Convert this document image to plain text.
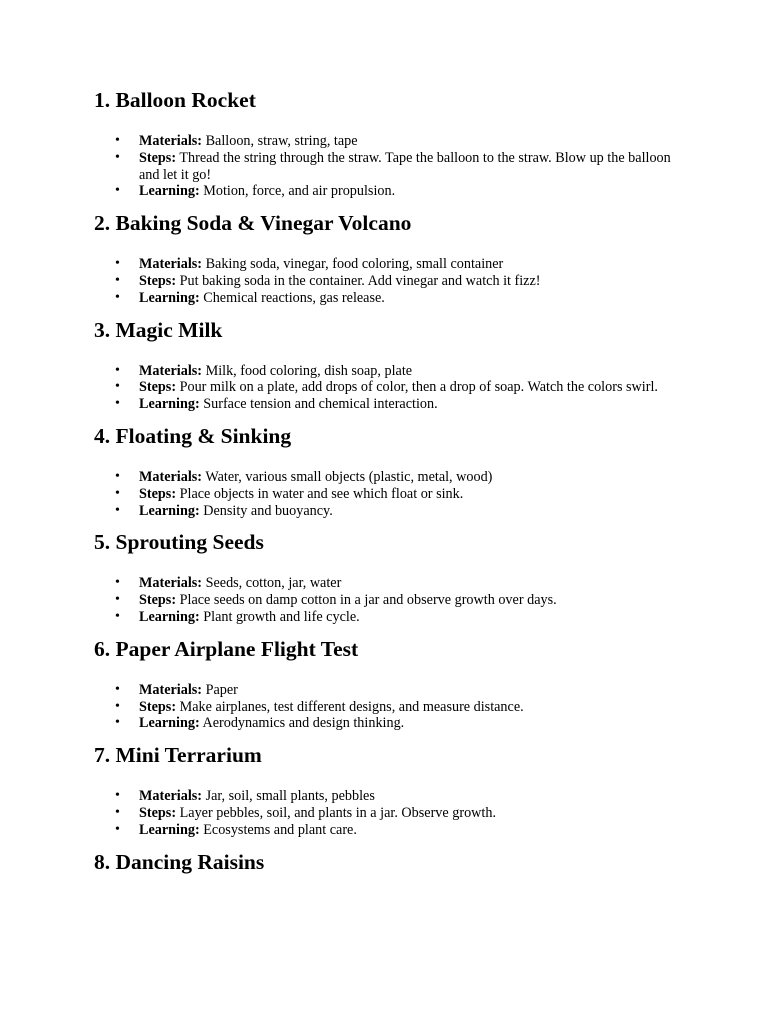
1. Balloon Rocket
• Materials: Balloon, straw, string, tape
• Steps: Thread the string through the straw. Tape the balloon to the straw. Blow up the balloon and let it go!
• Learning: Motion, force, and air propulsion.
2. Baking Soda & Vinegar Volcano
• Materials: Baking soda, vinegar, food coloring, small container
• Steps: Put baking soda in the container. Add vinegar and watch it fizz!
• Learning: Chemical reactions, gas release.
3. Magic Milk
• Materials: Milk, food coloring, dish soap, plate
• Steps: Pour milk on a plate, add drops of color, then a drop of soap. Watch the colors swirl.
• Learning: Surface tension and chemical interaction.
4. Floating & Sinking
• Materials: Water, various small objects (plastic, metal, wood)
• Steps: Place objects in water and see which float or sink.
• Learning: Density and buoyancy.
5. Sprouting Seeds
• Materials: Seeds, cotton, jar, water
• Steps: Place seeds on damp cotton in a jar and observe growth over days.
• Learning: Plant growth and life cycle.
6. Paper Airplane Flight Test
• Materials: Paper
• Steps: Make airplanes, test different designs, and measure distance.
• Learning: Aerodynamics and design thinking.
7. Mini Terrarium
• Materials: Jar, soil, small plants, pebbles
• Steps: Layer pebbles, soil, and plants in a jar. Observe growth.
• Learning: Ecosystems and plant care.
8. Dancing Raisins
